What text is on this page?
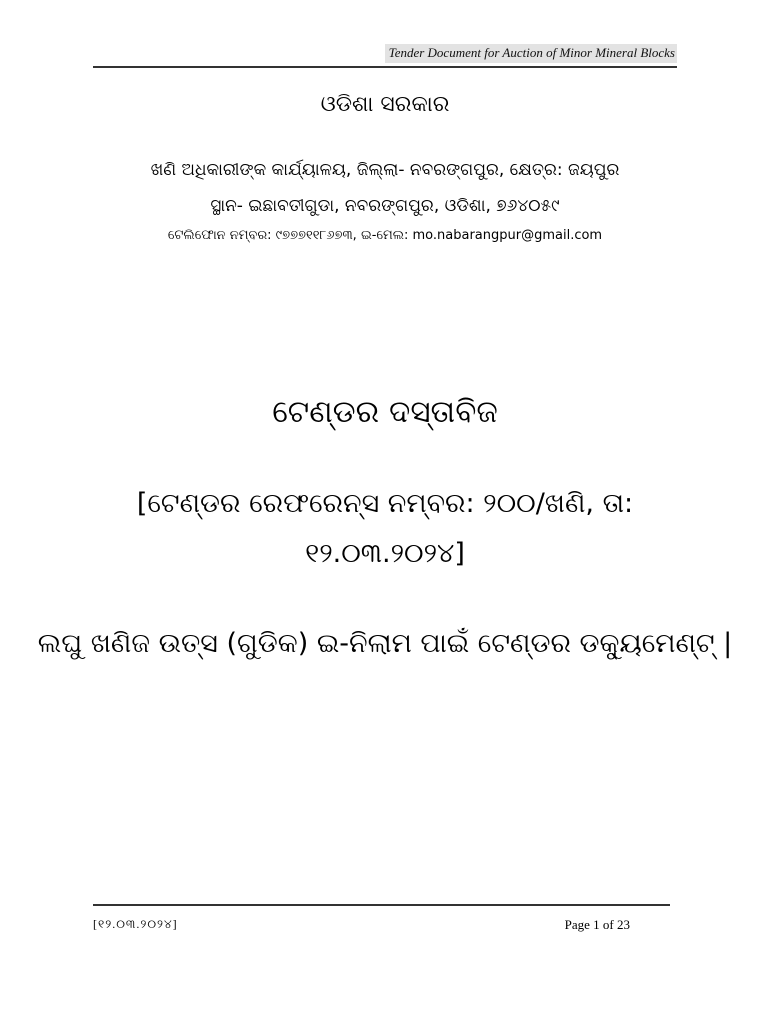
Tender Document for Auction of Minor Mineral Blocks
ଓଡିଶା ସରକାର
ଖଣି ଅଧିକାରୀଙ୍କ କାର୍ଯ୍ୟାଳୟ, ଜିଲ୍ଲା- ନବରଙ୍ଗପୁର, କ୍ଷେତ୍ର: ଜୟପୁର
ସ୍ଥାନ- ଇଛାବତୀଗୁଡା, ନବରଙ୍ଗପୁର, ଓଡିଶା, ୭୬୪୦୫୯
ଟେଲିଫୋନ ନମ୍ବର: ୯୭୭୭୧୧୮୬୭୩, ଇ-ମେଲ: mo.nabarangpur@gmail.com
ଟେଣ୍ଡର ଦସ୍ତାବିଜ
[ଟେଣ୍ଡର ରେଫରେନ୍ସ ନମ୍ବର: ୨୦୦/ଖଣି, ତା:
୧୨.୦୩.୨୦୨୪]
ଲଘୁ ଖଣିଜ ଉତ୍ସ (ଗୁଡିକ) ଇ-ନିଲାମ ପାଇଁ ଟେଣ୍ଡର ଡକ୍ୟୁମେଣ୍ଟ୍ |
[୧୨.୦୩.୨୦୨୪]	Page 1 of 23
